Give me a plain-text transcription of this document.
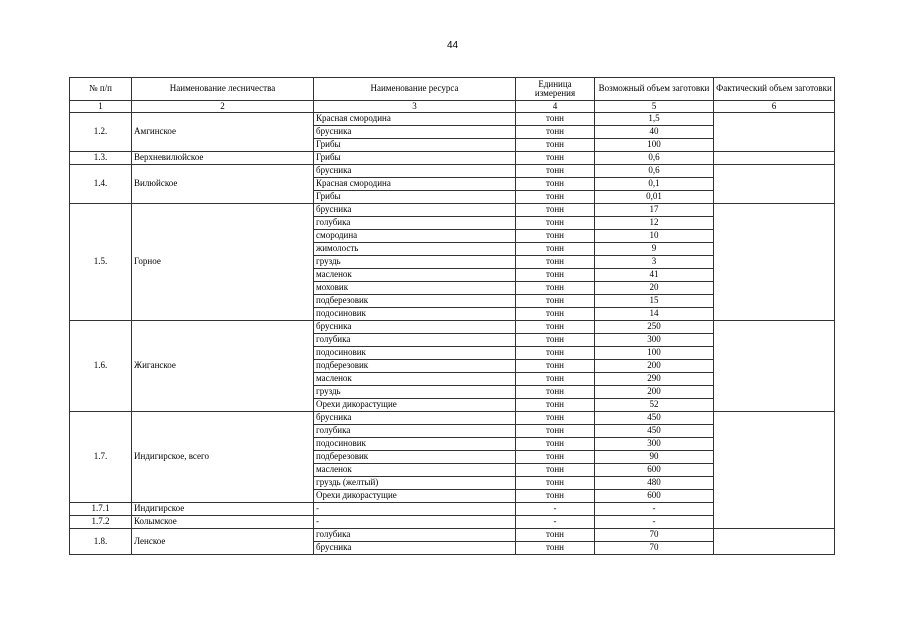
44
№ п/п	Наименование лесничества	Наименование ресурса	Единица измерения	Возможный объем заготовки	Фактический объем заготовки
1	2	3	4	5	6
1.2.	Амгинское	Красная смородина	тонн	1,5	
		брусника	тонн	40	
		Грибы	тонн	100	
1.3.	Верхневилюйское	Грибы	тонн	0,6	
1.4.	Вилюйское	брусника	тонн	0,6	
		Красная смородина	тонн	0,1	
		Грибы	тонн	0,01	
1.5.	Горное	брусника	тонн	17	
		голубика	тонн	12	
		смородина	тонн	10	
		жимолость	тонн	9	
		груздь	тонн	3	
		масленок	тонн	41	
		моховик	тонн	20	
		подберезовик	тонн	15	
		подосиновик	тонн	14	
1.6.	Жиганское	брусника	тонн	250	
		голубика	тонн	300	
		подосиновик	тонн	100	
		подберезовик	тонн	200	
		масленок	тонн	290	
		груздь	тонн	200	
		Орехи дикорастущие	тонн	52	
1.7.	Индигирское, всего	брусника	тонн	450	
		голубика	тонн	450	
		подосиновик	тонн	300	
		подберезовик	тонн	90	
		масленок	тонн	600	
		груздь (желтый)	тонн	480	
		Орехи дикорастущие	тонн	600	
1.7.1	Индигирское	-	-	-	
1.7.2	Колымское	-	-	-	
1.8.	Ленское	голубика	тонн	70	
		брусника	тонн	70	
